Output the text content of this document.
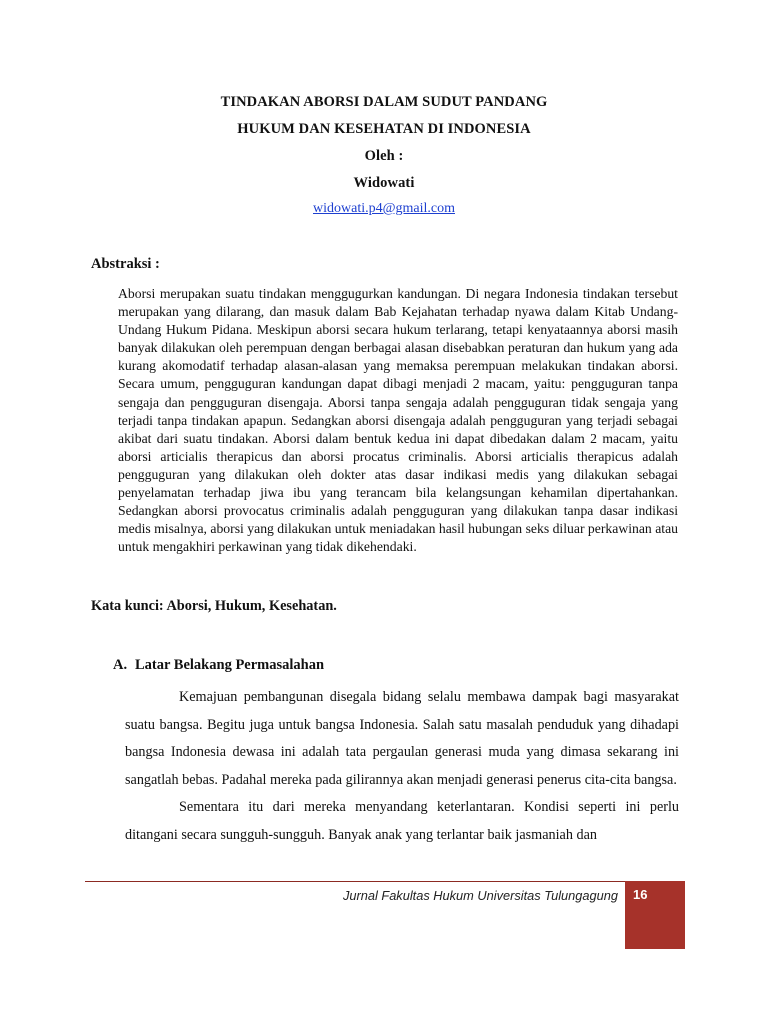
TINDAKAN ABORSI DALAM SUDUT PANDANG
HUKUM DAN KESEHATAN DI INDONESIA
Oleh :
Widowati
widowati.p4@gmail.com
Abstraksi :

Aborsi merupakan suatu tindakan menggugurkan kandungan. Di negara Indonesia tindakan tersebut merupakan yang dilarang, dan masuk dalam Bab Kejahatan terhadap nyawa dalam Kitab Undang-Undang Hukum Pidana. Meskipun aborsi secara hukum terlarang, tetapi kenyataannya aborsi masih banyak dilakukan oleh perempuan dengan berbagai alasan disebabkan peraturan dan hukum yang ada kurang akomodatif terhadap alasan-alasan yang memaksa perempuan melakukan tindakan aborsi. Secara umum, pengguguran kandungan dapat dibagi menjadi 2 macam, yaitu: pengguguran tanpa sengaja dan pengguguran disengaja. Aborsi tanpa sengaja adalah pengguguran tidak sengaja yang terjadi tanpa tindakan apapun. Sedangkan aborsi disengaja adalah pengguguran yang terjadi sebagai akibat dari suatu tindakan. Aborsi dalam bentuk kedua ini dapat dibedakan dalam 2 macam, yaitu aborsi articialis therapicus dan aborsi procatus criminalis. Aborsi articialis therapicus adalah pengguguran yang dilakukan oleh dokter atas dasar indikasi medis yang dilakukan sebagai penyelamatan terhadap jiwa ibu yang terancam bila kelangsungan kehamilan dipertahankan. Sedangkan aborsi provocatus criminalis adalah pengguguran yang dilakukan tanpa dasar indikasi medis misalnya, aborsi yang dilakukan untuk meniadakan hasil hubungan seks diluar perkawinan atau untuk mengakhiri perkawinan yang tidak dikehendaki.

Kata kunci: Aborsi, Hukum, Kesehatan.
A. Latar Belakang Permasalahan

Kemajuan pembangunan disegala bidang selalu membawa dampak bagi masyarakat suatu bangsa. Begitu juga untuk bangsa Indonesia. Salah satu masalah penduduk yang dihadapi bangsa Indonesia dewasa ini adalah tata pergaulan generasi muda yang dimasa sekarang ini sangatlah bebas. Padahal mereka pada gilirannya akan menjadi generasi penerus cita-cita bangsa.

Sementara itu dari mereka menyandang keterlantaran. Kondisi seperti ini perlu ditangani secara sungguh-sungguh. Banyak anak yang terlantar baik jasmaniah dan

Jurnal Fakultas Hukum Universitas Tulungagung 16
